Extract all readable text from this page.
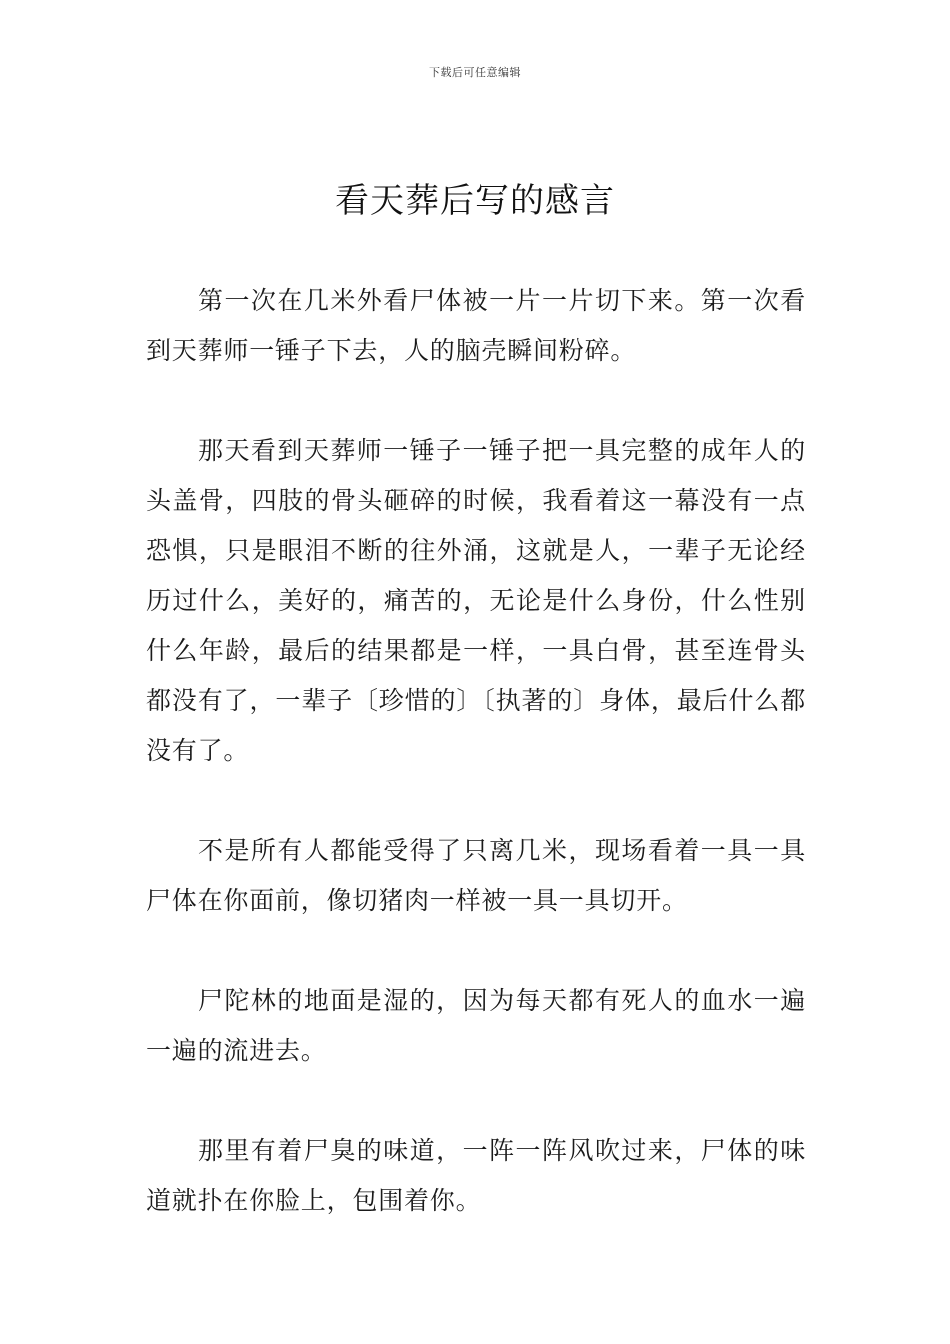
下载后可任意编辑
看天葬后写的感言

第一次在几米外看尸体被一片一片切下来。第一次看到天葬师一锤子下去，人的脑壳瞬间粉碎。

那天看到天葬师一锤子一锤子把一具完整的成年人的头盖骨，四肢的骨头砸碎的时候，我看着这一幕没有一点恐惧，只是眼泪不断的往外涌，这就是人，一辈子无论经历过什么，美好的，痛苦的，无论是什么身份，什么性别什么年龄，最后的结果都是一样，一具白骨，甚至连骨头都没有了，一辈子〔珍惜的〕〔执著的〕身体，最后什么都没有了。

不是所有人都能受得了只离几米，现场看着一具一具尸体在你面前，像切猪肉一样被一具一具切开。

尸陀林的地面是湿的，因为每天都有死人的血水一遍一遍的流进去。

那里有着尸臭的味道，一阵一阵风吹过来，尸体的味道就扑在你脸上，包围着你。
